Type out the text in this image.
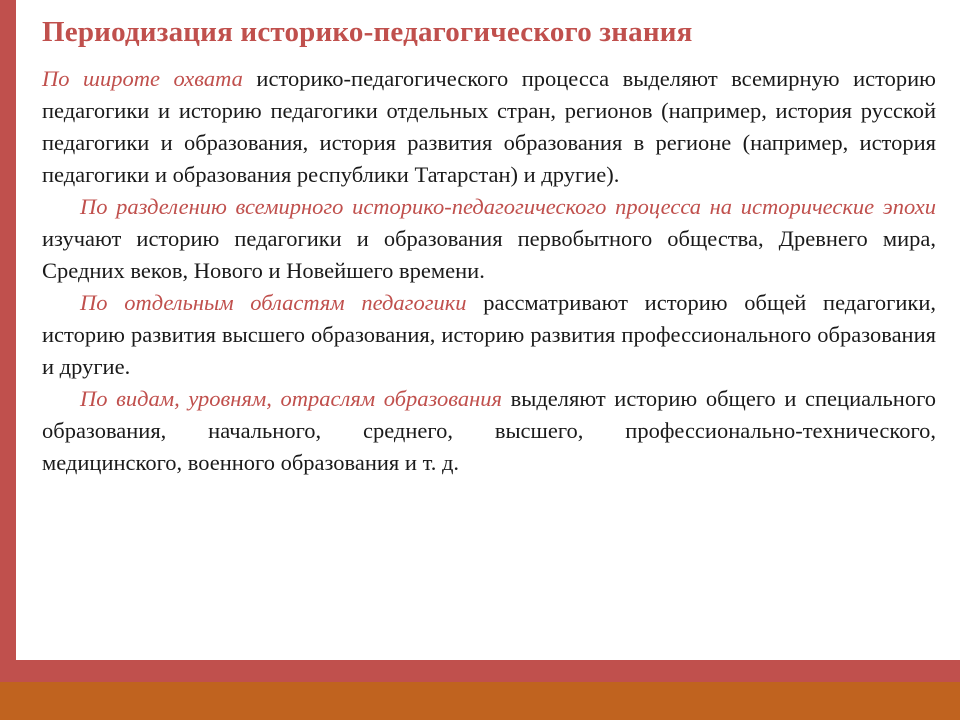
Периодизация историко-педагогического знания

По широте охвата историко-педагогического процесса выделяют всемирную историю педагогики и историю педагогики отдельных стран, регионов (например, история русской педагогики и образования, история развития образования в регионе (например, история педагогики и образования республики Татарстан) и другие).

По разделению всемирного историко-педагогического процесса на исторические эпохи изучают историю педагогики и образования первобытного общества, Древнего мира, Средних веков, Нового и Новейшего времени.

По отдельным областям педагогики рассматривают историю общей педагогики, историю развития высшего образования, историю развития профессионального образования и другие.

По видам, уровням, отраслям образования выделяют историю общего и специального образования, начального, среднего, высшего, профессионально-технического, медицинского, военного образования и т. д.
